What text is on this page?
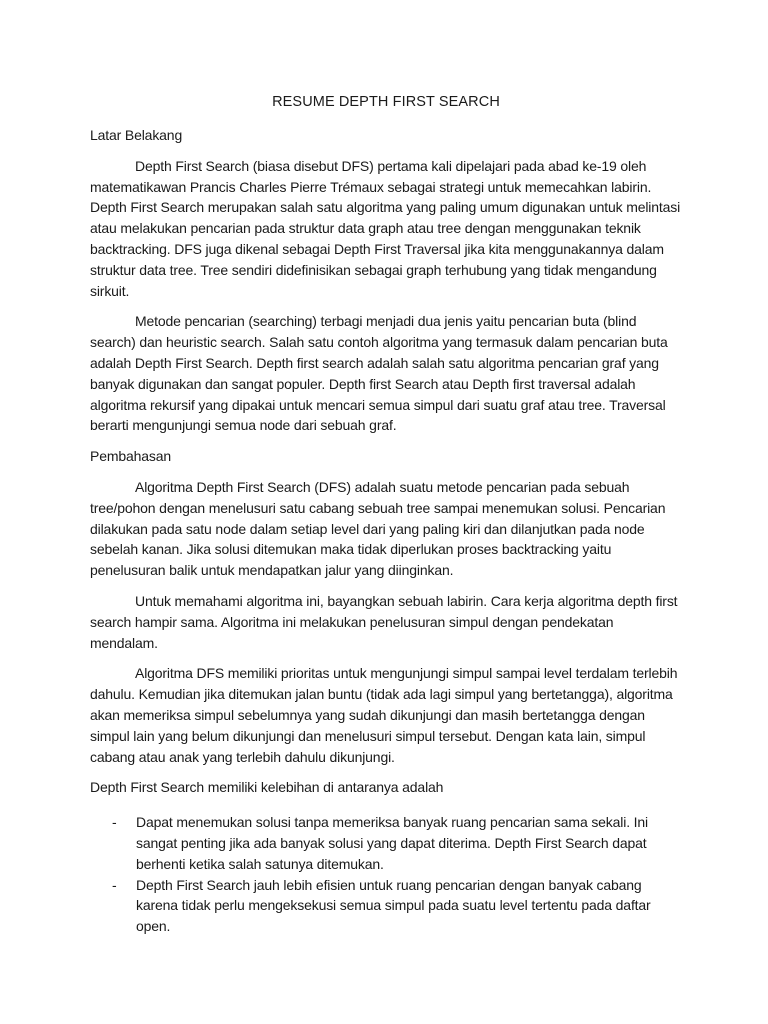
RESUME DEPTH FIRST SEARCH
Latar Belakang

Depth First Search (biasa disebut DFS) pertama kali dipelajari pada abad ke-19 oleh matematikawan Prancis Charles Pierre Trémaux sebagai strategi untuk memecahkan labirin. Depth First Search merupakan salah satu algoritma yang paling umum digunakan untuk melintasi atau melakukan pencarian pada struktur data graph atau tree dengan menggunakan teknik backtracking. DFS juga dikenal sebagai Depth First Traversal jika kita menggunakannya dalam struktur data tree. Tree sendiri didefinisikan sebagai graph terhubung yang tidak mengandung sirkuit.

Metode pencarian (searching) terbagi menjadi dua jenis yaitu pencarian buta (blind search) dan heuristic search. Salah satu contoh algoritma yang termasuk dalam pencarian buta adalah Depth First Search. Depth first search adalah salah satu algoritma pencarian graf yang banyak digunakan dan sangat populer. Depth first Search atau Depth first traversal adalah algoritma rekursif yang dipakai untuk mencari semua simpul dari suatu graf atau tree. Traversal berarti mengunjungi semua node dari sebuah graf.

Pembahasan

Algoritma Depth First Search (DFS) adalah suatu metode pencarian pada sebuah tree/pohon dengan menelusuri satu cabang sebuah tree sampai menemukan solusi. Pencarian dilakukan pada satu node dalam setiap level dari yang paling kiri dan dilanjutkan pada node sebelah kanan. Jika solusi ditemukan maka tidak diperlukan proses backtracking yaitu penelusuran balik untuk mendapatkan jalur yang diinginkan.

Untuk memahami algoritma ini, bayangkan sebuah labirin. Cara kerja algoritma depth first search hampir sama. Algoritma ini melakukan penelusuran simpul dengan pendekatan mendalam.

Algoritma DFS memiliki prioritas untuk mengunjungi simpul sampai level terdalam terlebih dahulu. Kemudian jika ditemukan jalan buntu (tidak ada lagi simpul yang bertetangga), algoritma akan memeriksa simpul sebelumnya yang sudah dikunjungi dan masih bertetangga dengan simpul lain yang belum dikunjungi dan menelusuri simpul tersebut. Dengan kata lain, simpul cabang atau anak yang terlebih dahulu dikunjungi.

Depth First Search memiliki kelebihan di antaranya adalah
- Dapat menemukan solusi tanpa memeriksa banyak ruang pencarian sama sekali. Ini sangat penting jika ada banyak solusi yang dapat diterima. Depth First Search dapat berhenti ketika salah satunya ditemukan.
- Depth First Search jauh lebih efisien untuk ruang pencarian dengan banyak cabang karena tidak perlu mengeksekusi semua simpul pada suatu level tertentu pada daftar open.
